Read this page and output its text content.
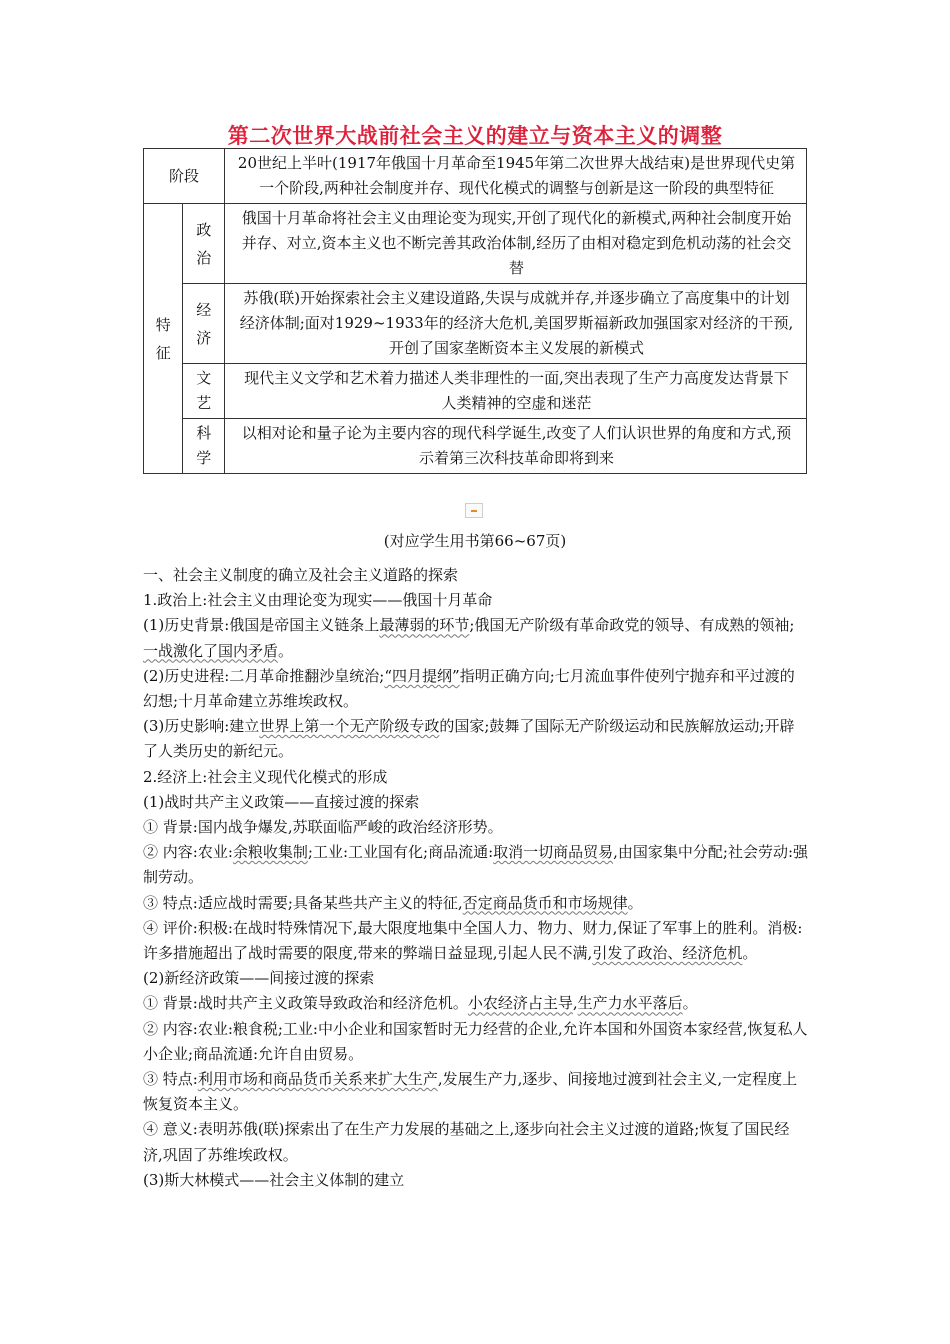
第二次世界大战前社会主义的建立与资本主义的调整
阶段		20世纪上半叶(1917年俄国十月革命至1945年第二次世界大战结束)是世界现代史第一个阶段,两种社会制度并存、现代化模式的调整与创新是这一阶段的典型特征

特征	政治	俄国十月革命将社会主义由理论变为现实,开创了现代化的新模式,两种社会制度开始并存、对立,资本主义也不断完善其政治体制,经历了由相对稳定到危机动荡的社会交替

	经济	苏俄(联)开始探索社会主义建设道路,失误与成就并存,并逐步确立了高度集中的计划经济体制;面对1929~1933年的经济大危机,美国罗斯福新政加强国家对经济的干预,开创了国家垄断资本主义发展的新模式

	文艺	现代主义文学和艺术着力描述人类非理性的一面,突出表现了生产力高度发达背景下人类精神的空虚和迷茫

	科学	以相对论和量子论为主要内容的现代科学诞生,改变了人们认识世界的角度和方式,预示着第三次科技革命即将到来
(对应学生用书第66~67页)

一、社会主义制度的确立及社会主义道路的探索

1.政治上:社会主义由理论变为现实——俄国十月革命

(1)历史背景:俄国是帝国主义链条上最薄弱的环节;俄国无产阶级有革命政党的领导、有成熟的领袖;一战激化了国内矛盾。

(2)历史进程:二月革命推翻沙皇统治;“四月提纲”指明正确方向;七月流血事件使列宁抛弃和平过渡的幻想;十月革命建立苏维埃政权。

(3)历史影响:建立世界上第一个无产阶级专政的国家;鼓舞了国际无产阶级运动和民族解放运动;开辟了人类历史的新纪元。

2.经济上:社会主义现代化模式的形成

(1)战时共产主义政策——直接过渡的探索

① 背景:国内战争爆发,苏联面临严峻的政治经济形势。

② 内容:农业:余粮收集制;工业:工业国有化;商品流通:取消一切商品贸易,由国家集中分配;社会劳动:强制劳动。

③ 特点:适应战时需要;具备某些共产主义的特征,否定商品货币和市场规律。

④ 评价:积极:在战时特殊情况下,最大限度地集中全国人力、物力、财力,保证了军事上的胜利。消极:许多措施超出了战时需要的限度,带来的弊端日益显现,引起人民不满,引发了政治、经济危机。

(2)新经济政策——间接过渡的探索

① 背景:战时共产主义政策导致政治和经济危机。小农经济占主导,生产力水平落后。

② 内容:农业:粮食税;工业:中小企业和国家暂时无力经营的企业,允许本国和外国资本家经营,恢复私人小企业;商品流通:允许自由贸易。

③ 特点:利用市场和商品货币关系来扩大生产,发展生产力,逐步、间接地过渡到社会主义,一定程度上恢复资本主义。

④ 意义:表明苏俄(联)探索出了在生产力发展的基础之上,逐步向社会主义过渡的道路;恢复了国民经济,巩固了苏维埃政权。

(3)斯大林模式——社会主义体制的建立
